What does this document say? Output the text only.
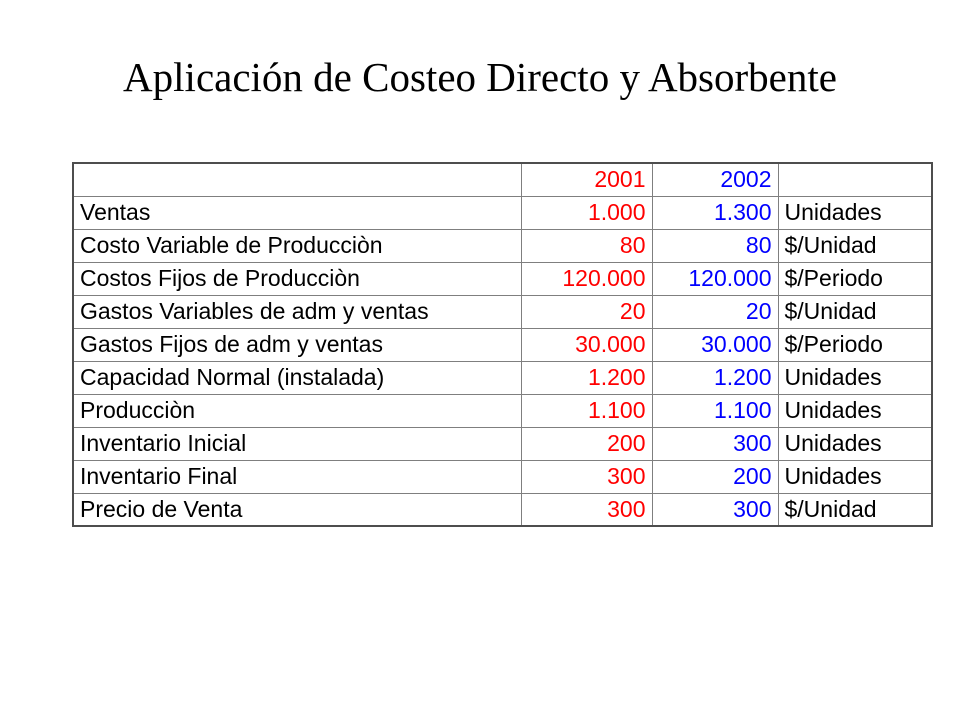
Aplicación de Costeo Directo y Absorbente
	2001	2002	
Ventas	1.000	1.300	Unidades
Costo Variable de Producciòn	80	80	$/Unidad
Costos Fijos de Producciòn	120.000	120.000	$/Periodo
Gastos Variables de adm y ventas	20	20	$/Unidad
Gastos Fijos de adm y ventas	30.000	30.000	$/Periodo
Capacidad Normal (instalada)	1.200	1.200	Unidades
Producciòn	1.100	1.100	Unidades
Inventario Inicial	200	300	Unidades
Inventario Final	300	200	Unidades
Precio de Venta	300	300	$/Unidad
